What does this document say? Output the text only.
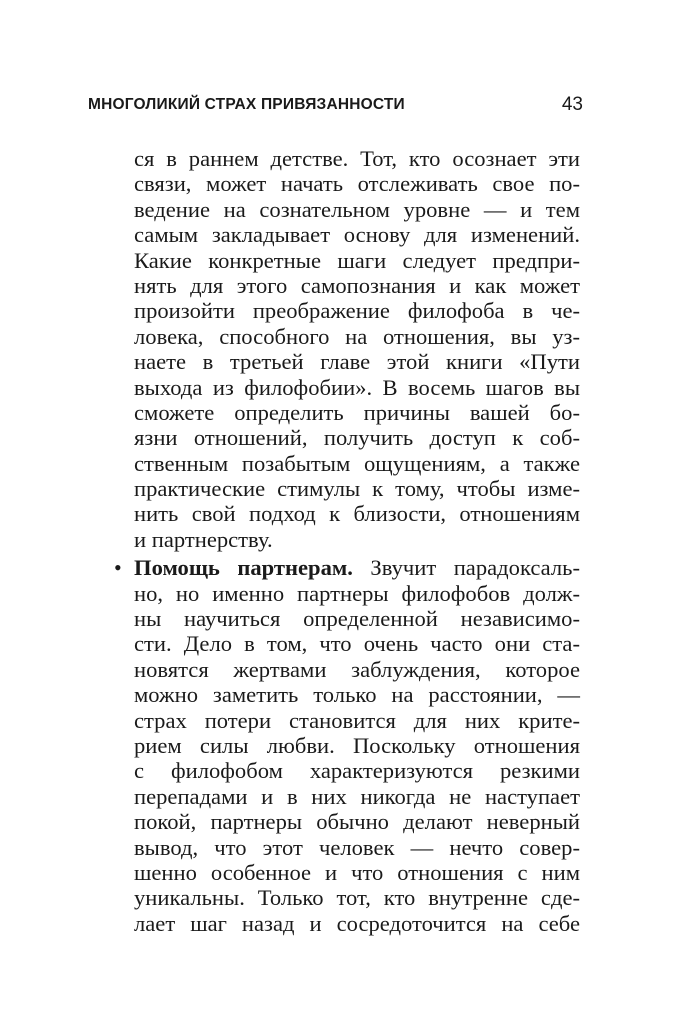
МНОГОЛИКИЙ СТРАХ ПРИВЯЗАННОСТИ	43
ся в раннем детстве. Тот, кто осознает эти
связи, может начать отслеживать свое по-
ведение на сознательном уровне — и тем
самым закладывает основу для изменений.
Какие конкретные шаги следует предпри-
нять для этого самопознания и как может
произойти преображение филофоба в че-
ловека, способного на отношения, вы уз-
наете в третьей главе этой книги «Пути
выхода из филофобии». В восемь шагов вы
сможете определить причины вашей бо-
язни отношений, получить доступ к соб-
ственным позабытым ощущениям, а также
практические стимулы к тому, чтобы изме-
нить свой подход к близости, отношениям
и партнерству.
• Помощь партнерам. Звучит парадоксаль-
но, но именно партнеры филофобов долж-
ны научиться определенной независимо-
сти. Дело в том, что очень часто они ста-
новятся жертвами заблуждения, которое
можно заметить только на расстоянии, —
страх потери становится для них крите-
рием силы любви. Поскольку отношения
с филофобом характеризуются резкими
перепадами и в них никогда не наступает
покой, партнеры обычно делают неверный
вывод, что этот человек — нечто совер-
шенно особенное и что отношения с ним
уникальны. Только тот, кто внутренне сде-
лает шаг назад и сосредоточится на себе
